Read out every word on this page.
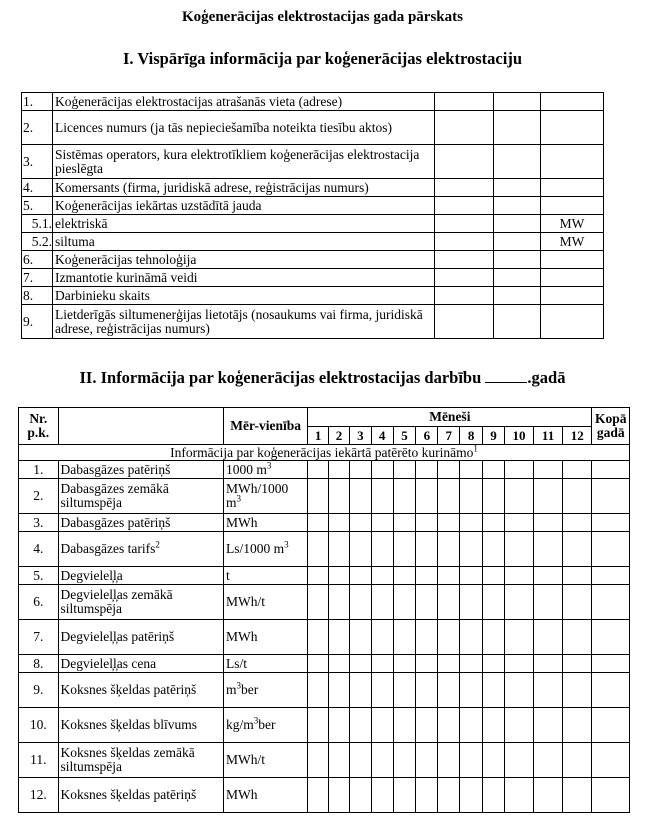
Koģenerācijas elektrostacijas gada pārskats
I. Vispārīga informācija par koģenerācijas elektrostaciju
1.	Koģenerācijas elektrostacijas atrašanās vieta (adrese)			
2.	Licences numurs (ja tās nepieciešamība noteikta tiesību aktos)			
3.	Sistēmas operators, kura elektrotīkliem koģenerācijas elektrostacija pieslēgta			
4.	Komersants (firma, juridiskā adrese, reģistrācijas numurs)			
5.	Koģenerācijas iekārtas uzstādītā jauda			
5.1.	elektriskā			MW
5.2.	siltuma			MW
6.	Koģenerācijas tehnoloģija			
7.	Izmantotie kurināmā veidi			
8.	Darbinieku skaits			
9.	Lietderīgās siltumenerģijas lietotājs (nosaukums vai firma, juridiskā adrese, reģistrācijas numurs)			
II. Informācija par koģenerācijas elektrostacijas darbību	.gadā
Nr. p.k.		Mēr-vienība	Mēneši												Kopā gadā
			1	2	3	4	5	6	7	8	9	10	11	12	
Informācija par koģenerācijas iekārtā patērēto kurināmo$^1$
1.	Dabasgāzes patēriņš	1000 $m^3$													
2.	Dabasgāzes zemākā siltumspēja	MWh/1000 $m^3$													
3.	Dabasgāzes patēriņš	MWh													
4.	Dabasgāzes tarifs$^2$	Ls/1000 $m^3$													
5.	Degvielel̦l̦a	t													
6.	Degvielel̦l̦as zemākā siltumspēja	MWh/t													
7.	Degvielel̦l̦as patēriņš	MWh													
8.	Degvielel̦l̦as cena	Ls/t													
9.	Koksnes šķeldas patēriņš	$m^3ber$													
10.	Koksnes šķeldas blīvums	$kg/m^3ber$													
11.	Koksnes šķeldas zemākā siltumspēja	MWh/t													
12.	Koksnes šķeldas patēriņš	MWh													
